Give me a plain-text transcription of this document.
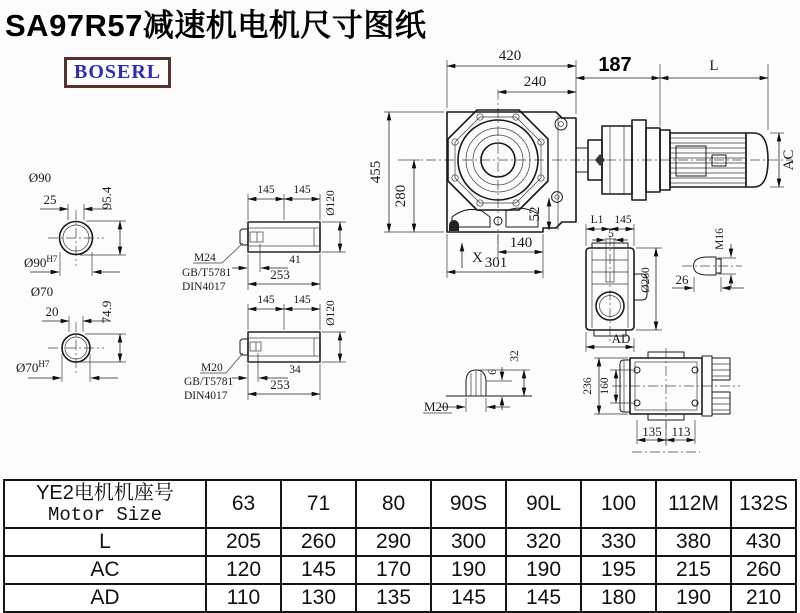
SA97R57减速机电机尺寸图纸
BOSERL
420
240
187	L
455
280
52
140
301
X
AC
Ø90
25	95.4
$Ø90^{H7}$
Ø70
20	74.9
$Ø70^{H7}$
145 145
Ø120
M24
GB/T5781
DIN4017
41
253
145 145
Ø120
M20
GB/T5781
DIN4017
34
253
L1 145
5
Ø260
AD
M16
26
M20
6
32
236 160
135 113
YE2电机机座号
Motor Size	63	71	80	90S	90L	100	112M	132S
L	205	260	290	300	320	330	380	430
AC	120	145	170	190	190	195	215	260
AD	110	130	135	145	145	180	190	210
